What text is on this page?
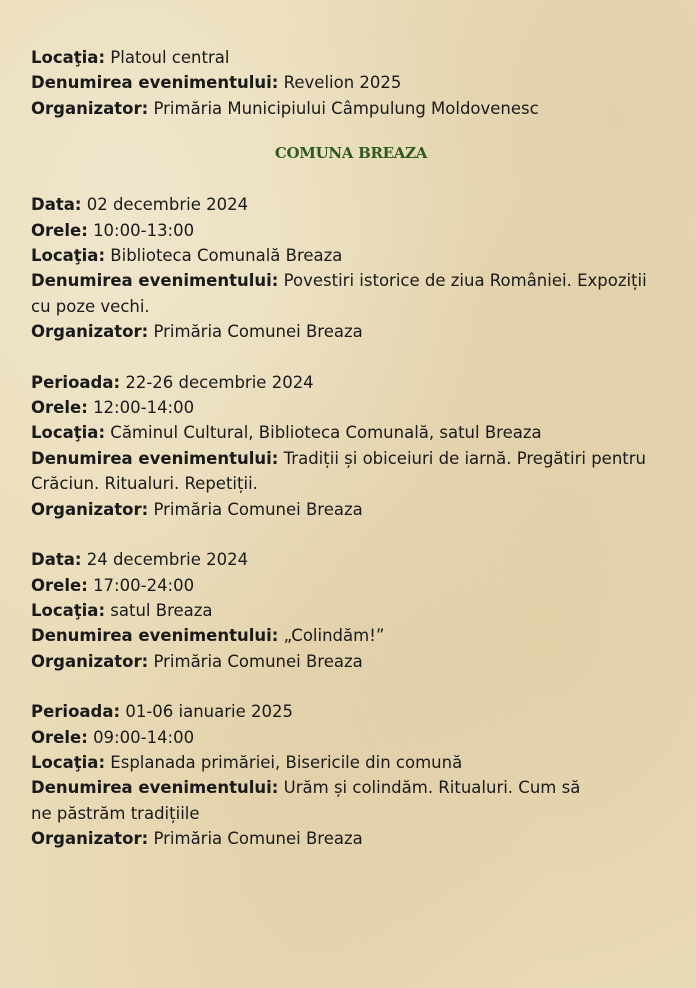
Locaţia: Platoul central

Denumirea evenimentului: Revelion 2025

Organizator: Primăria Municipiului Câmpulung Moldovenesc

COMUNA BREAZA

Data: 02 decembrie 2024

Orele: 10:00-13:00

Locaţia: Biblioteca Comunală Breaza

Denumirea evenimentului: Povestiri istorice de ziua României. Expoziții cu poze vechi.

Organizator: Primăria Comunei Breaza

Perioada: 22-26 decembrie 2024

Orele: 12:00-14:00

Locaţia: Căminul Cultural, Biblioteca Comunală, satul Breaza

Denumirea evenimentului: Tradiții și obiceiuri de iarnă. Pregătiri pentru Crăciun. Ritualuri. Repetiții.

Organizator: Primăria Comunei Breaza

Data: 24 decembrie 2024

Orele: 17:00-24:00

Locaţia: satul Breaza

Denumirea evenimentului: „Colindăm!”

Organizator: Primăria Comunei Breaza

Perioada: 01-06 ianuarie 2025

Orele: 09:00-14:00

Locaţia: Esplanada primăriei, Bisericile din comună

Denumirea evenimentului: Urăm și colindăm. Ritualuri. Cum să ne păstrăm tradițiile

Organizator: Primăria Comunei Breaza
